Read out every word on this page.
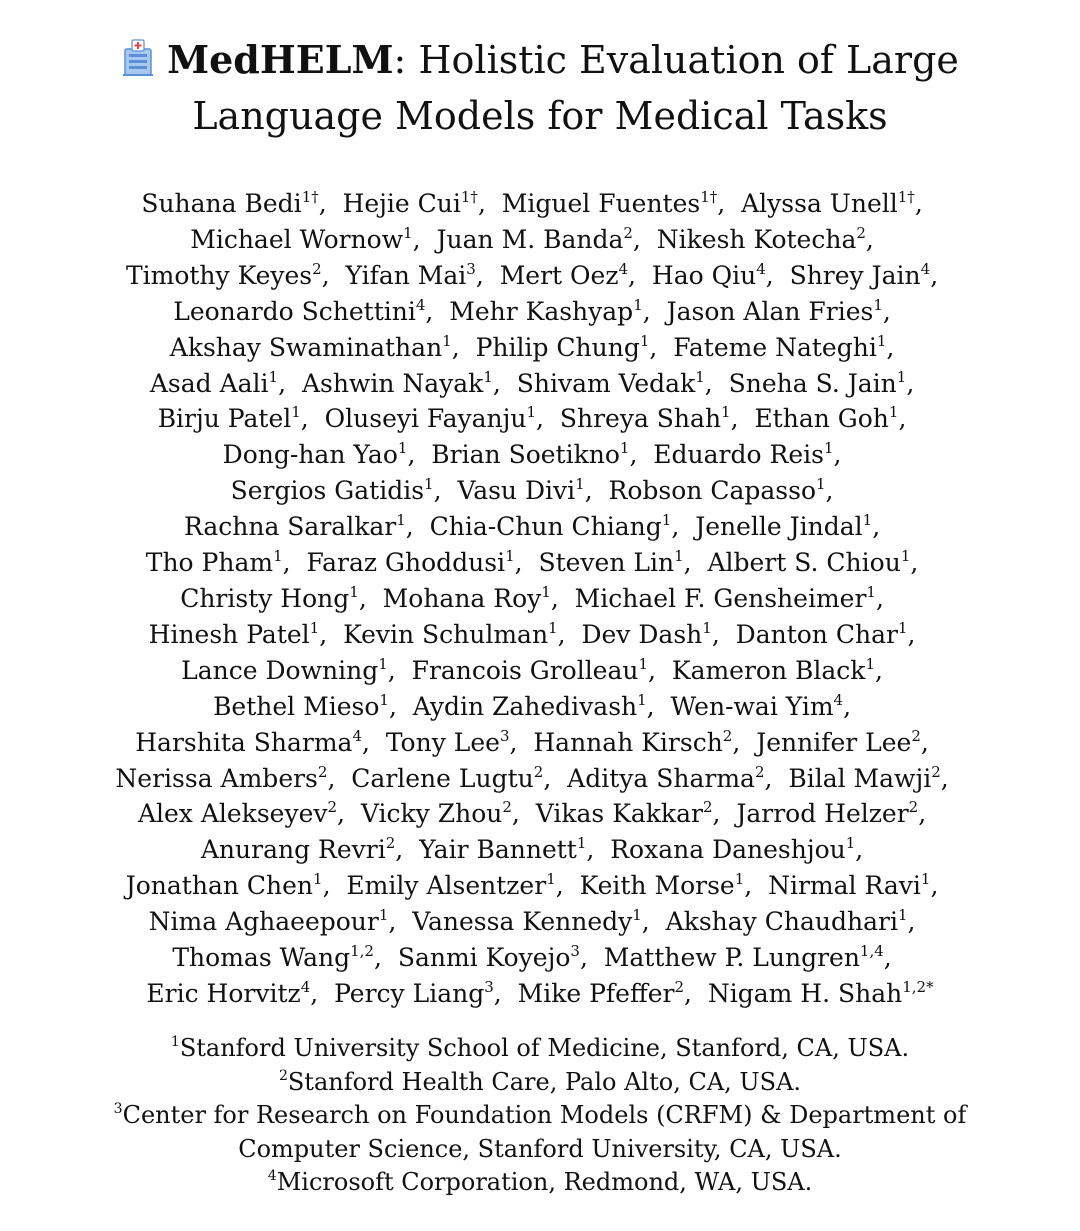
MedHELM: Holistic Evaluation of Large
Language Models for Medical Tasks
Suhana Bedi$^{1\dagger}$,  Hejie Cui$^{1\dagger}$,  Miguel Fuentes$^{1\dagger}$,  Alyssa Unell$^{1\dagger}$,
Michael Wornow$^1$,  Juan M. Banda$^2$,  Nikesh Kotecha$^2$,
Timothy Keyes$^2$,  Yifan Mai$^3$,  Mert Oez$^4$,  Hao Qiu$^4$,  Shrey Jain$^4$,
Leonardo Schettini$^4$,  Mehr Kashyap$^1$,  Jason Alan Fries$^1$,
Akshay Swaminathan$^1$,  Philip Chung$^1$,  Fateme Nateghi$^1$,
Asad Aali$^1$,  Ashwin Nayak$^1$,  Shivam Vedak$^1$,  Sneha S. Jain$^1$,
Birju Patel$^1$,  Oluseyi Fayanju$^1$,  Shreya Shah$^1$,  Ethan Goh$^1$,
Dong-han Yao$^1$,  Brian Soetikno$^1$,  Eduardo Reis$^1$,
Sergios Gatidis$^1$,  Vasu Divi$^1$,  Robson Capasso$^1$,
Rachna Saralkar$^1$,  Chia-Chun Chiang$^1$,  Jenelle Jindal$^1$,
Tho Pham$^1$,  Faraz Ghoddusi$^1$,  Steven Lin$^1$,  Albert S. Chiou$^1$,
Christy Hong$^1$,  Mohana Roy$^1$,  Michael F. Gensheimer$^1$,
Hinesh Patel$^1$,  Kevin Schulman$^1$,  Dev Dash$^1$,  Danton Char$^1$,
Lance Downing$^1$,  Francois Grolleau$^1$,  Kameron Black$^1$,
Bethel Mieso$^1$,  Aydin Zahedivash$^1$,  Wen-wai Yim$^4$,
Harshita Sharma$^4$,  Tony Lee$^3$,  Hannah Kirsch$^2$,  Jennifer Lee$^2$,
Nerissa Ambers$^2$,  Carlene Lugtu$^2$,  Aditya Sharma$^2$,  Bilal Mawji$^2$,
Alex Alekseyev$^2$,  Vicky Zhou$^2$,  Vikas Kakkar$^2$,  Jarrod Helzer$^2$,
Anurang Revri$^2$,  Yair Bannett$^1$,  Roxana Daneshjou$^1$,
Jonathan Chen$^1$,  Emily Alsentzer$^1$,  Keith Morse$^1$,  Nirmal Ravi$^1$,
Nima Aghaeepour$^1$,  Vanessa Kennedy$^1$,  Akshay Chaudhari$^1$,
Thomas Wang$^{1,2}$,  Sanmi Koyejo$^3$,  Matthew P. Lungren$^{1,4}$,
Eric Horvitz$^4$,  Percy Liang$^3$,  Mike Pfeffer$^2$,  Nigam H. Shah$^{1,2*}$
$^1$Stanford University School of Medicine, Stanford, CA, USA.
$^2$Stanford Health Care, Palo Alto, CA, USA.
$^3$Center for Research on Foundation Models (CRFM) & Department of
Computer Science, Stanford University, CA, USA.
$^4$Microsoft Corporation, Redmond, WA, USA.
